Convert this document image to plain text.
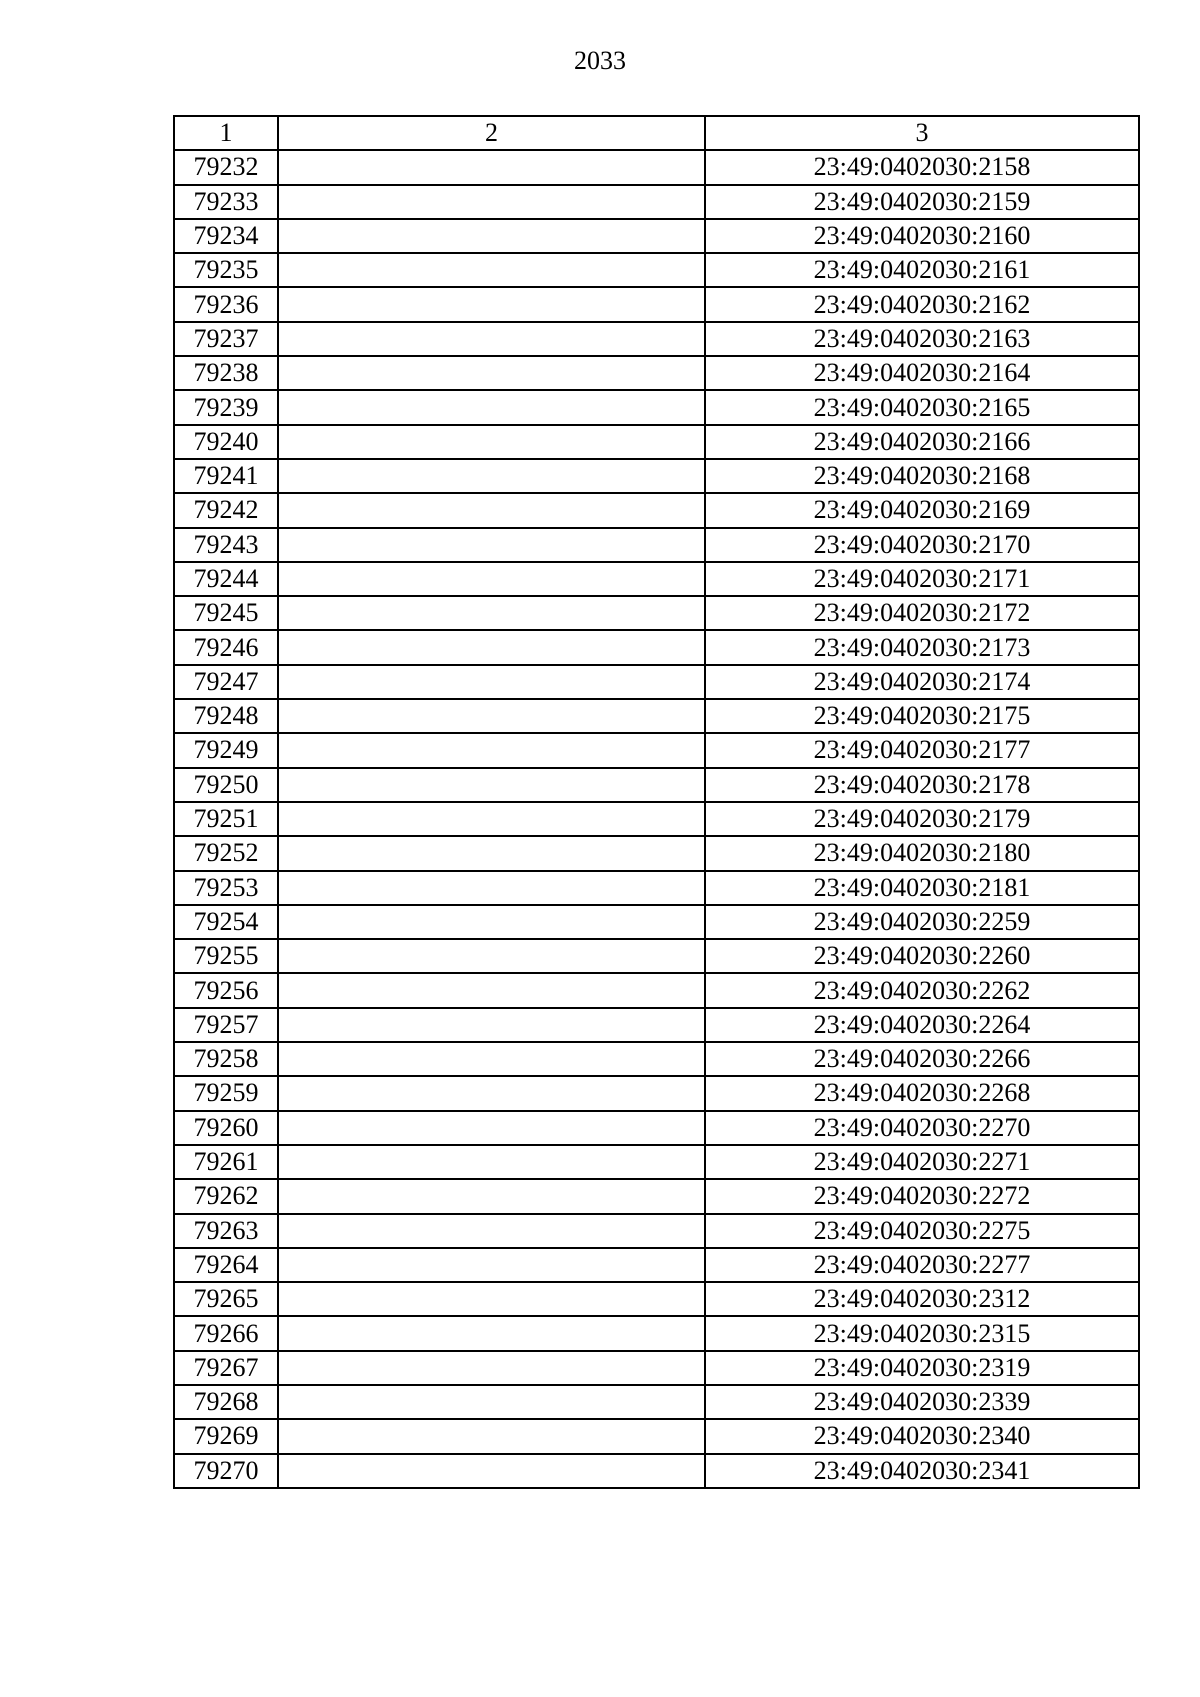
2033
1	2	3
79232		23:49:0402030:2158
79233		23:49:0402030:2159
79234		23:49:0402030:2160
79235		23:49:0402030:2161
79236		23:49:0402030:2162
79237		23:49:0402030:2163
79238		23:49:0402030:2164
79239		23:49:0402030:2165
79240		23:49:0402030:2166
79241		23:49:0402030:2168
79242		23:49:0402030:2169
79243		23:49:0402030:2170
79244		23:49:0402030:2171
79245		23:49:0402030:2172
79246		23:49:0402030:2173
79247		23:49:0402030:2174
79248		23:49:0402030:2175
79249		23:49:0402030:2177
79250		23:49:0402030:2178
79251		23:49:0402030:2179
79252		23:49:0402030:2180
79253		23:49:0402030:2181
79254		23:49:0402030:2259
79255		23:49:0402030:2260
79256		23:49:0402030:2262
79257		23:49:0402030:2264
79258		23:49:0402030:2266
79259		23:49:0402030:2268
79260		23:49:0402030:2270
79261		23:49:0402030:2271
79262		23:49:0402030:2272
79263		23:49:0402030:2275
79264		23:49:0402030:2277
79265		23:49:0402030:2312
79266		23:49:0402030:2315
79267		23:49:0402030:2319
79268		23:49:0402030:2339
79269		23:49:0402030:2340
79270		23:49:0402030:2341
